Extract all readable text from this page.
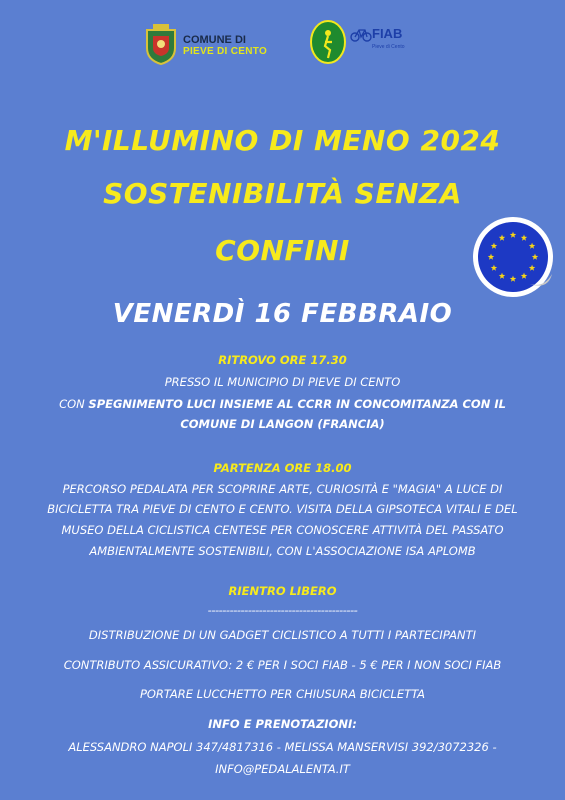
COMUNE DI
PIEVE DI CENTO
FIAB
Pieve di Cento
M'ILLUMINO DI MENO 2024
SOSTENIBILITÀ SENZA
CONFINI
VENERDÌ 16 FEBBRAIO
RITROVO ORE 17.30
PRESSO IL MUNICIPIO DI PIEVE DI CENTO
CON SPEGNIMENTO LUCI INSIEME AL CCRR IN CONCOMITANZA CON IL
COMUNE DI LANGON (FRANCIA)
PARTENZA ORE 18.00
PERCORSO PEDALATA PER SCOPRIRE ARTE, CURIOSITÀ E "MAGIA" A LUCE DI
BICICLETTA TRA PIEVE DI CENTO E CENTO. VISITA DELLA GIPSOTECA VITALI E DEL
MUSEO DELLA CICLISTICA CENTESE PER CONOSCERE ATTIVITÀ DEL PASSATO
AMBIENTALMENTE SOSTENIBILI, CON L'ASSOCIAZIONE ISA APLOMB
RIENTRO LIBERO
-----------------------------------------
DISTRIBUZIONE DI UN GADGET CICLISTICO A TUTTI I PARTECIPANTI
CONTRIBUTO ASSICURATIVO: 2 € PER I SOCI FIAB - 5 € PER I NON SOCI FIAB
PORTARE LUCCHETTO PER CHIUSURA BICICLETTA
INFO E PRENOTAZIONI:
ALESSANDRO NAPOLI 347/4817316 - MELISSA MANSERVISI 392/3072326 -
INFO@PEDALALENTA.IT
